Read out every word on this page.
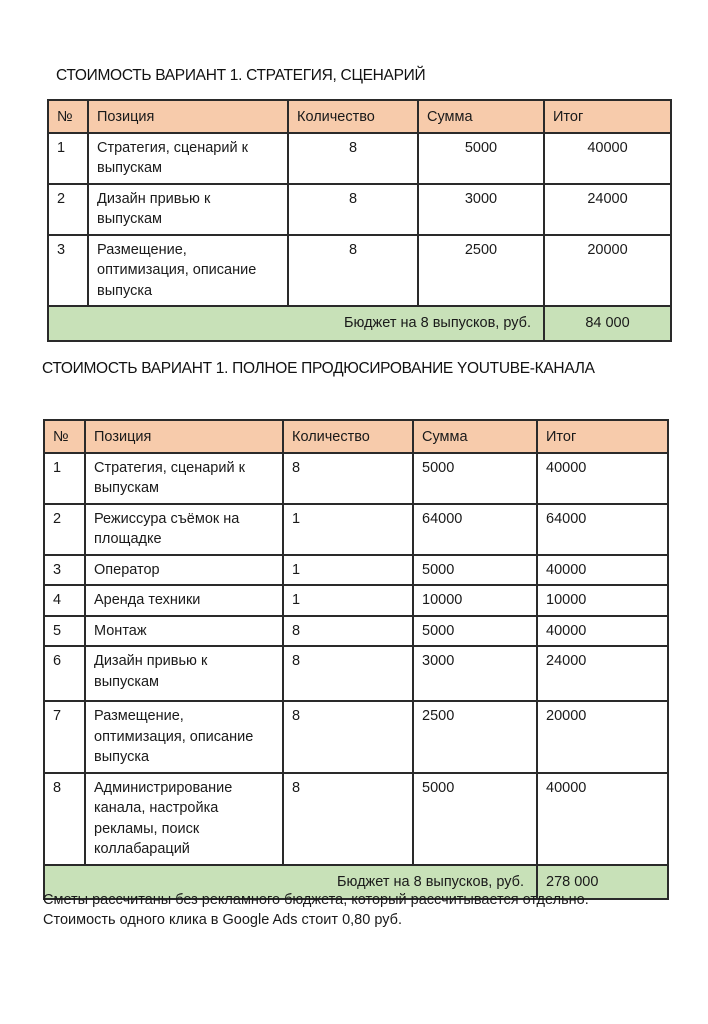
СТОИМОСТЬ ВАРИАНТ 1. СТРАТЕГИЯ, СЦЕНАРИЙ
№	Позиция	Количество	Сумма	Итог
1	Стратегия, сценарий к выпускам	8	5000	40000
2	Дизайн привью к выпускам	8	3000	24000
3	Размещение, оптимизация, описание выпуска	8	2500	20000
Бюджет на 8 выпусков, руб.				84 000
СТОИМОСТЬ ВАРИАНТ 1. ПОЛНОЕ ПРОДЮСИРОВАНИЕ YOUTUBE-КАНАЛА
№	Позиция	Количество	Сумма	Итог
1	Стратегия, сценарий к выпускам	8	5000	40000
2	Режиссура съёмок на площадке	1	64000	64000
3	Оператор	1	5000	40000
4	Аренда техники	1	10000	10000
5	Монтаж	8	5000	40000
6	Дизайн привью к выпускам	8	3000	24000
7	Размещение, оптимизация, описание выпуска	8	2500	20000
8	Администрирование канала, настройка рекламы, поиск коллабараций	8	5000	40000
Бюджет на 8 выпусков, руб.				278 000
Сметы рассчитаны без рекламного бюджета, который рассчитывается отдельно. Стоимость одного клика в Google Ads стоит 0,80 руб.
